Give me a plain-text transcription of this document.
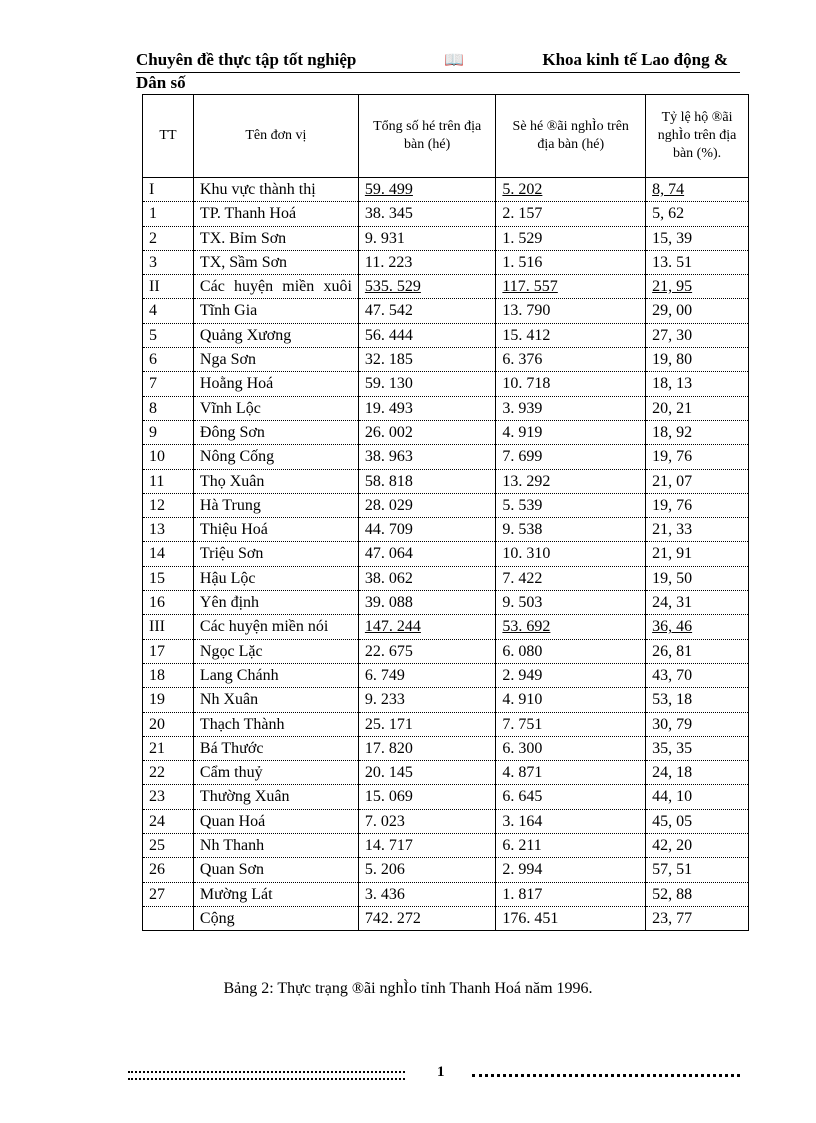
Chuyên đề thực tập tốt nghiệp	📖	Khoa kinh tế Lao động &
Dân số
TT	Tên đơn vị	Tổng số hé trên địa bàn (hé)	Sè hé ®ãi nghÌo trên địa bàn (hé)	Tỷ lệ hộ ®ãi nghÌo trên địa bàn (%).
I	Khu vực thành thị	59. 499	5. 202	8, 74
1	TP. Thanh Hoá	38. 345	2. 157	5, 62
2	TX. Bỉm Sơn	9. 931	1. 529	15, 39
3	TX, Sầm Sơn	11. 223	1. 516	13. 51
II	Các huyện miền xuôi	535. 529	117. 557	21, 95
4	Tĩnh Gia	47. 542	13. 790	29, 00
5	Quảng Xương	56. 444	15. 412	27, 30
6	Nga Sơn	32. 185	6. 376	19, 80
7	Hoằng Hoá	59. 130	10. 718	18, 13
8	Vĩnh Lộc	19. 493	3. 939	20, 21
9	Đông Sơn	26. 002	4. 919	18, 92
10	Nông Cống	38. 963	7. 699	19, 76
11	Thọ Xuân	58. 818	13. 292	21, 07
12	Hà Trung	28. 029	5. 539	19, 76
13	Thiệu Hoá	44. 709	9. 538	21, 33
14	Triệu Sơn	47. 064	10. 310	21, 91
15	Hậu Lộc	38. 062	7. 422	19, 50
16	Yên định	39. 088	9. 503	24, 31
III	Các huyện miền nói	147. 244	53. 692	36, 46
17	Ngọc Lặc	22. 675	6. 080	26, 81
18	Lang Chánh	6. 749	2. 949	43, 70
19	Nh Xuân	9. 233	4. 910	53, 18
20	Thạch Thành	25. 171	7. 751	30, 79
21	Bá Thước	17. 820	6. 300	35, 35
22	Cẩm thuỷ	20. 145	4. 871	24, 18
23	Thường Xuân	15. 069	6. 645	44, 10
24	Quan Hoá	7. 023	3. 164	45, 05
25	Nh Thanh	14. 717	6. 211	42, 20
26	Quan Sơn	5. 206	2. 994	57, 51
27	Mường Lát	3. 436	1. 817	52, 88
	Cộng	742. 272	176. 451	23, 77
Bảng 2: Thực trạng ®ãi nghÌo tỉnh Thanh Hoá năm 1996.
1
